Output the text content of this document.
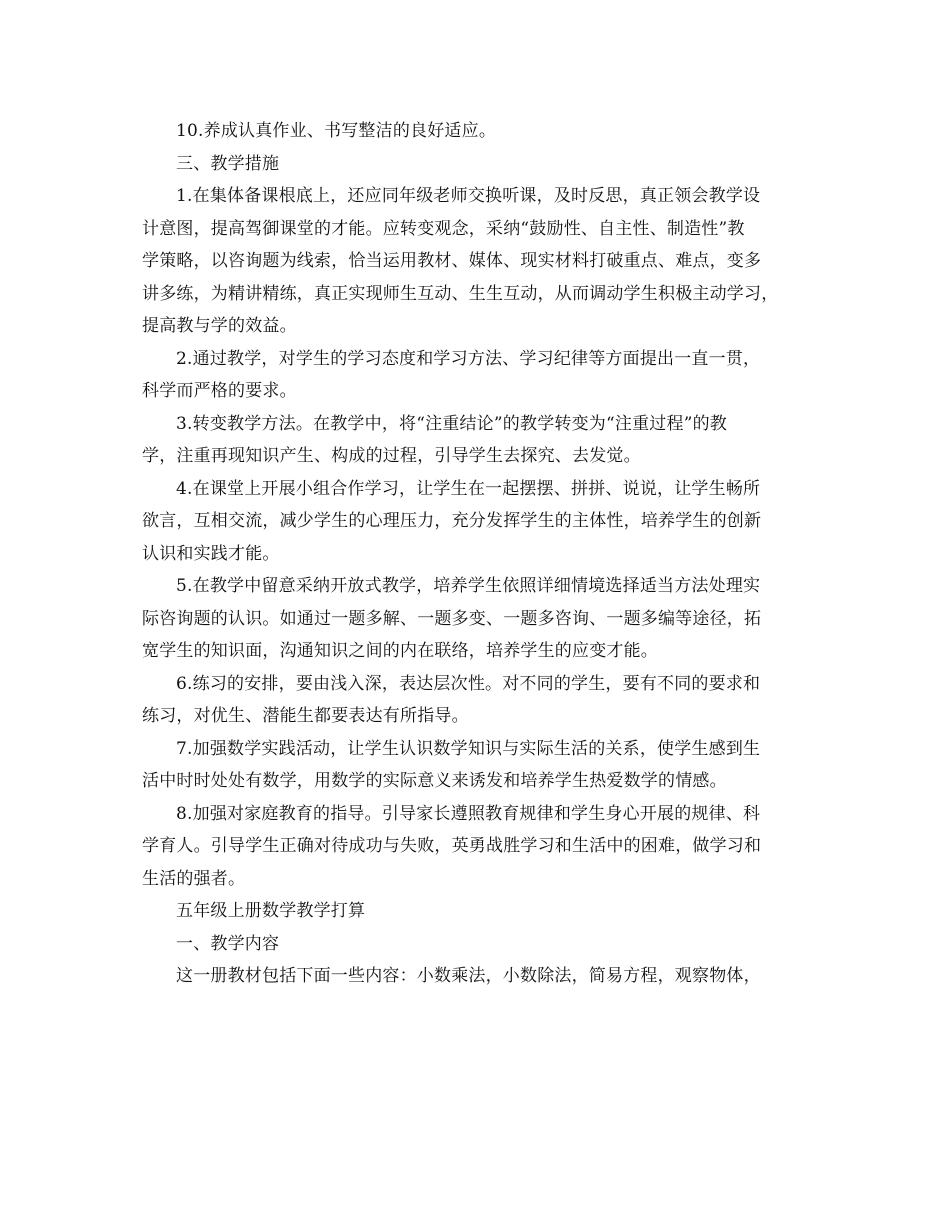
10.养成认真作业、书写整洁的良好适应。

三、教学措施

1.在集体备课根底上，还应同年级老师交换听课，及时反思，真正领会教学设
计意图，提高驾御课堂的才能。应转变观念，采纳“鼓励性、自主性、制造性”教
学策略，以咨询题为线索，恰当运用教材、媒体、现实材料打破重点、难点，变多
讲多练，为精讲精练，真正实现师生互动、生生互动，从而调动学生积极主动学习，
提高教与学的效益。

2.通过教学，对学生的学习态度和学习方法、学习纪律等方面提出一直一贯，
科学而严格的要求。

3.转变教学方法。在教学中，将“注重结论”的教学转变为“注重过程”的教
学，注重再现知识产生、构成的过程，引导学生去探究、去发觉。

4.在课堂上开展小组合作学习，让学生在一起摆摆、拼拼、说说，让学生畅所
欲言，互相交流，减少学生的心理压力，充分发挥学生的主体性，培养学生的创新
认识和实践才能。

5.在教学中留意采纳开放式教学，培养学生依照详细情境选择适当方法处理实
际咨询题的认识。如通过一题多解、一题多变、一题多咨询、一题多编等途径，拓
宽学生的知识面，沟通知识之间的内在联络，培养学生的应变才能。

6.练习的安排，要由浅入深，表达层次性。对不同的学生，要有不同的要求和
练习，对优生、潜能生都要表达有所指导。

7.加强数学实践活动，让学生认识数学知识与实际生活的关系，使学生感到生
活中时时处处有数学，用数学的实际意义来诱发和培养学生热爱数学的情感。

8.加强对家庭教育的指导。引导家长遵照教育规律和学生身心开展的规律、科
学育人。引导学生正确对待成功与失败，英勇战胜学习和生活中的困难，做学习和
生活的强者。

五年级上册数学教学打算

一、教学内容

这一册教材包括下面一些内容：小数乘法，小数除法，简易方程，观察物体，
